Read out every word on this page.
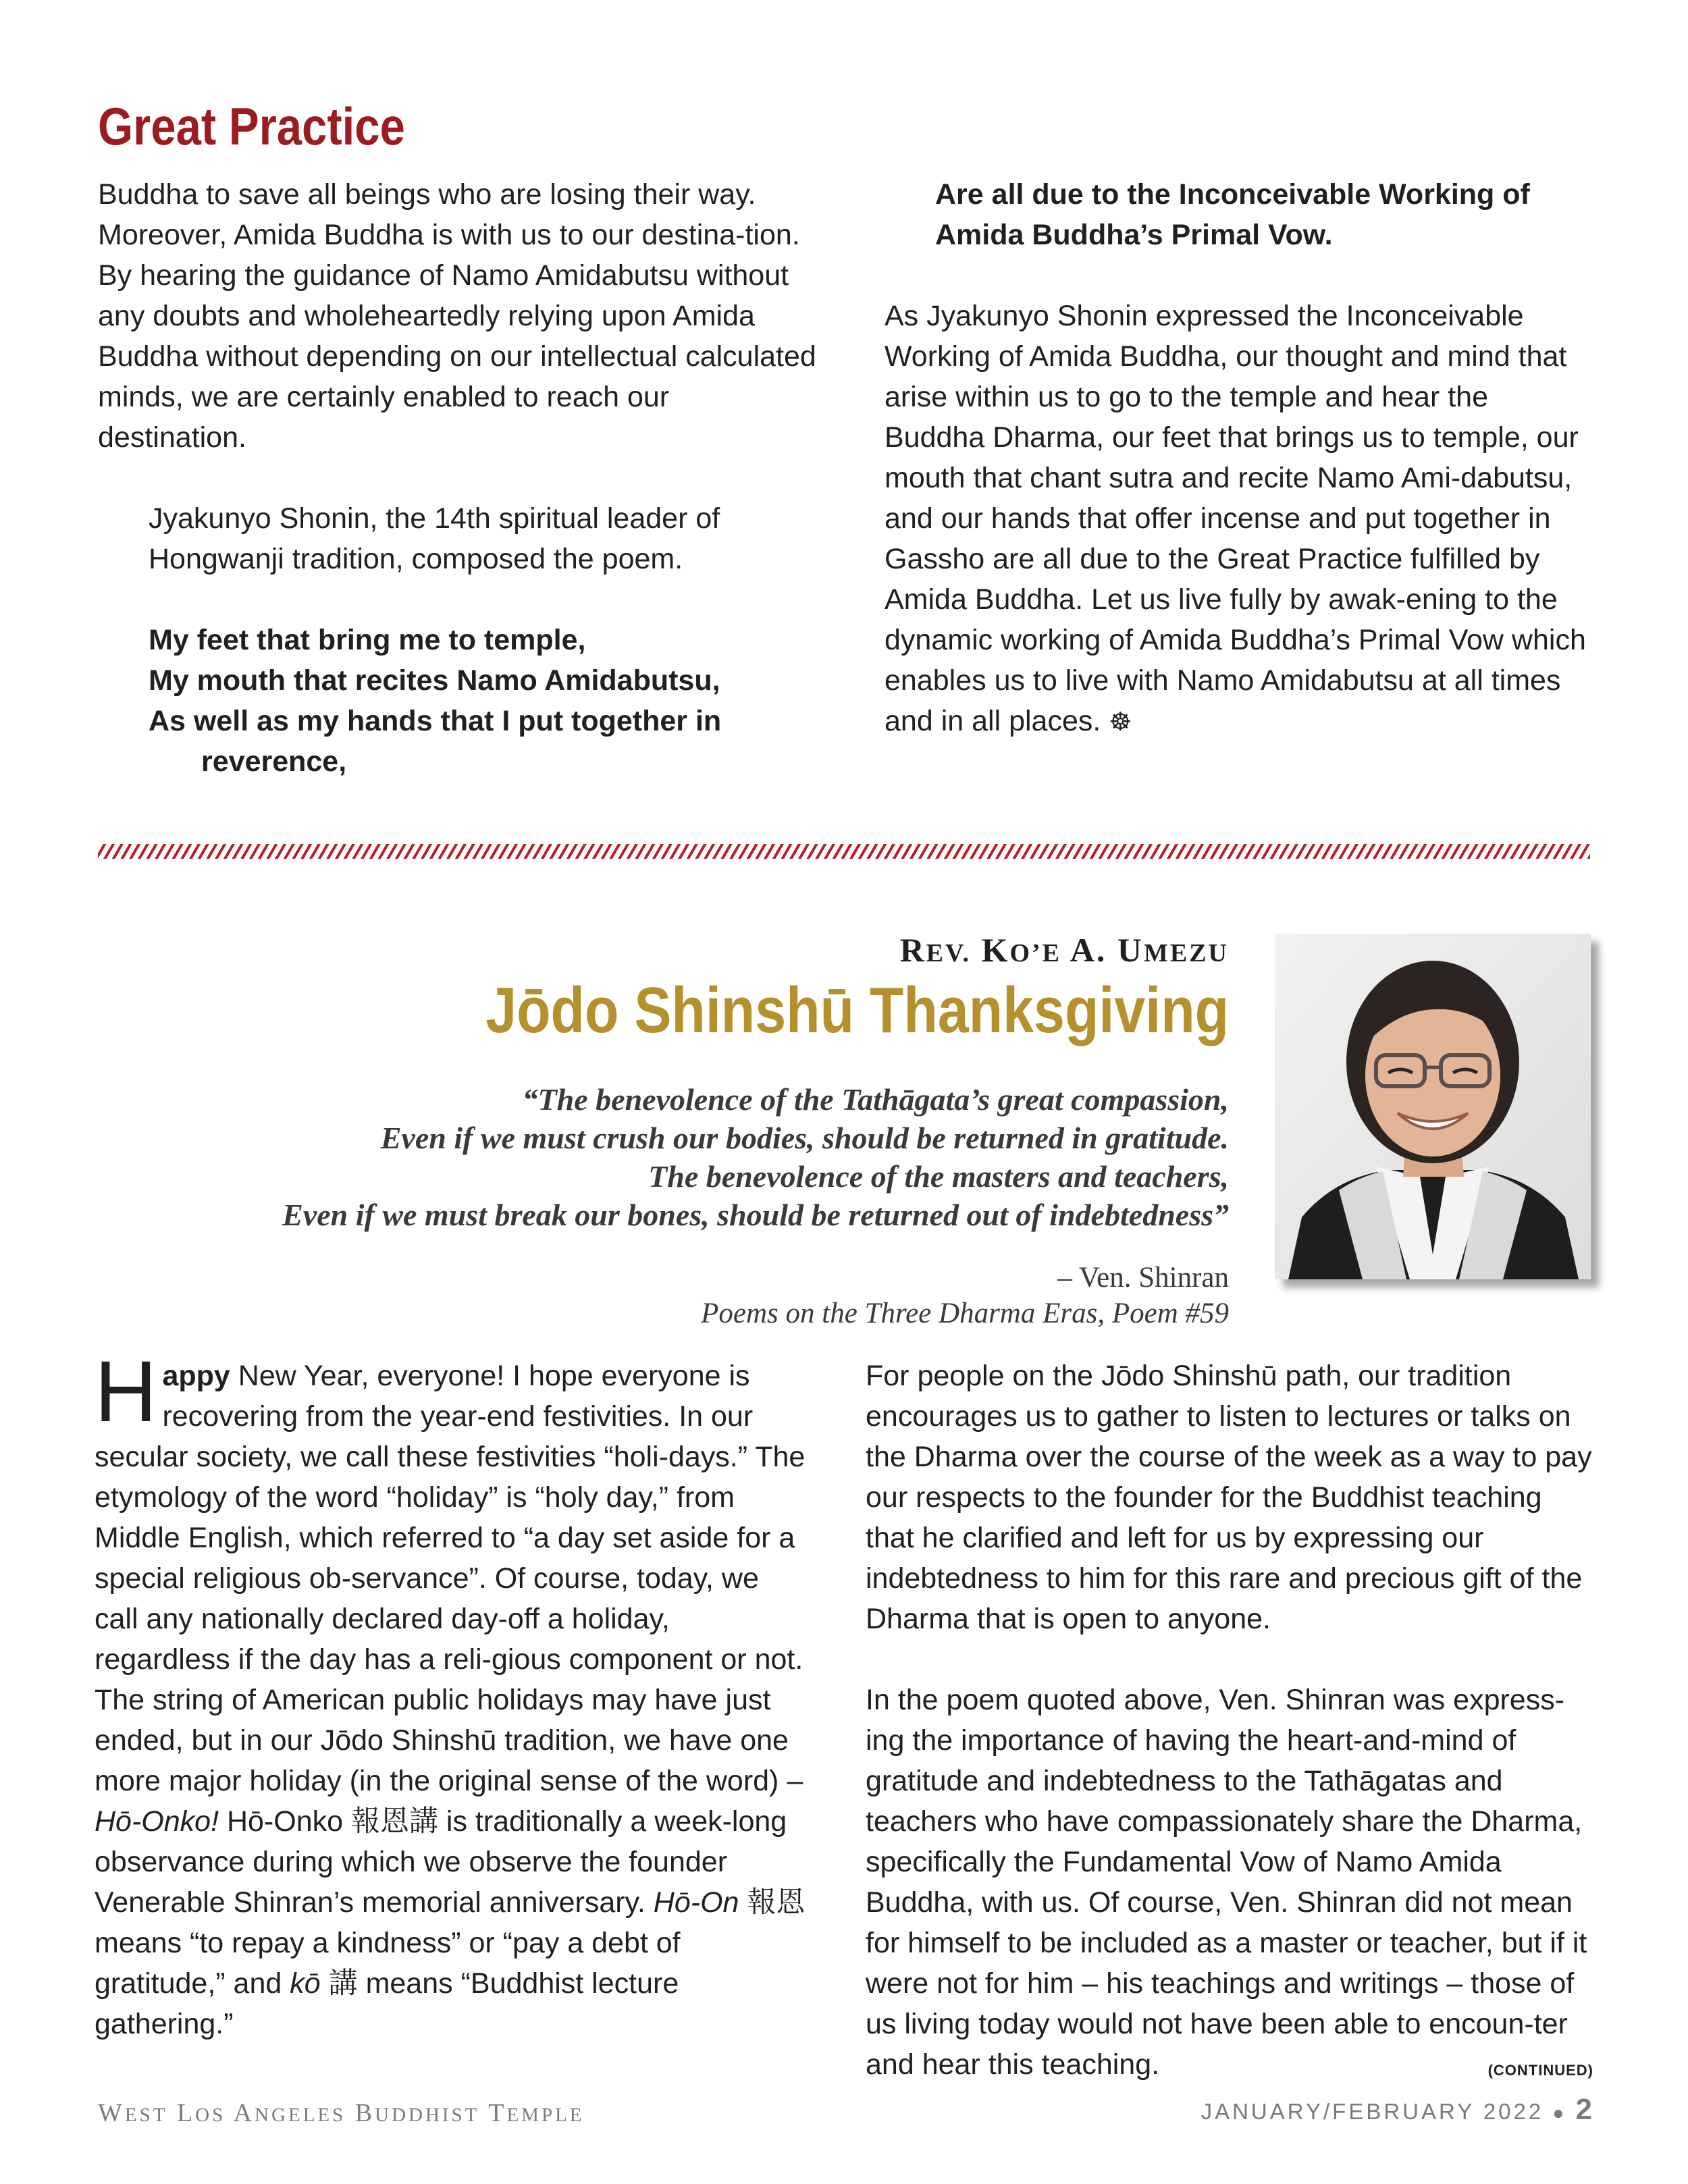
Great Practice

Buddha to save all beings who are losing their way. Moreover, Amida Buddha is with us to our destina-tion. By hearing the guidance of Namo Amidabutsu without any doubts and wholeheartedly relying upon Amida Buddha without depending on our intellectual calculated minds, we are certainly enabled to reach our destination.

Jyakunyo Shonin, the 14th spiritual leader of Hongwanji tradition, composed the poem.

My feet that bring me to temple,
My mouth that recites Namo Amidabutsu,
As well as my hands that I put together in
reverence,
Are all due to the Inconceivable Working of
Amida Buddha’s Primal Vow.

As Jyakunyo Shonin expressed the Inconceivable Working of Amida Buddha, our thought and mind that arise within us to go to the temple and hear the Buddha Dharma, our feet that brings us to temple, our mouth that chant sutra and recite Namo Ami-dabutsu, and our hands that offer incense and put together in Gassho are all due to the Great Practice fulfilled by Amida Buddha. Let us live fully by awak-ening to the dynamic working of Amida Buddha’s Primal Vow which enables us to live with Namo Amidabutsu at all times and in all places. ☸

REV. KO’E A. UMEZU
Jōdo Shinshū Thanksgiving
“The benevolence of the Tathāgata’s great compassion,
Even if we must crush our bodies, should be returned in gratitude.
The benevolence of the masters and teachers,
Even if we must break our bones, should be returned out of indebtedness”
– Ven. Shinran
Poems on the Three Dharma Eras, Poem #59

Happy New Year, everyone! I hope everyone is recovering from the year-end festivities. In our secular society, we call these festivities “holi-days.” The etymology of the word “holiday” is “holy day,” from Middle English, which referred to “a day set aside for a special religious ob-servance”. Of course, today, we call any nationally declared day-off a holiday, regardless if the day has a reli-gious component or not. The string of American public holidays may have just ended, but in our Jōdo Shinshū tradition, we have one more major holiday (in the original sense of the word) – Hō-Onko! Hō-Onko 報恩講 is traditionally a week-long observance during which we observe the founder Venerable Shinran’s memorial anniversary. Hō-On 報恩 means “to repay a kindness” or “pay a debt of gratitude,” and kō 講 means “Buddhist lecture gathering.”

For people on the Jōdo Shinshū path, our tradition encourages us to gather to listen to lectures or talks on the Dharma over the course of the week as a way to pay our respects to the founder for the Buddhist teaching that he clarified and left for us by expressing our indebtedness to him for this rare and precious gift of the Dharma that is open to anyone.

In the poem quoted above, Ven. Shinran was express-ing the importance of having the heart-and-mind of gratitude and indebtedness to the Tathāgatas and teachers who have compassionately share the Dharma, specifically the Fundamental Vow of Namo Amida Buddha, with us. Of course, Ven. Shinran did not mean for himself to be included as a master or teacher, but if it were not for him – his teachings and writings – those of us living today would not have been able to encoun-ter and hear this teaching.	(CONTINUED)
WEST LOS ANGELES BUDDHIST TEMPLE	JANUARY/FEBRUARY 2022 ● 2
